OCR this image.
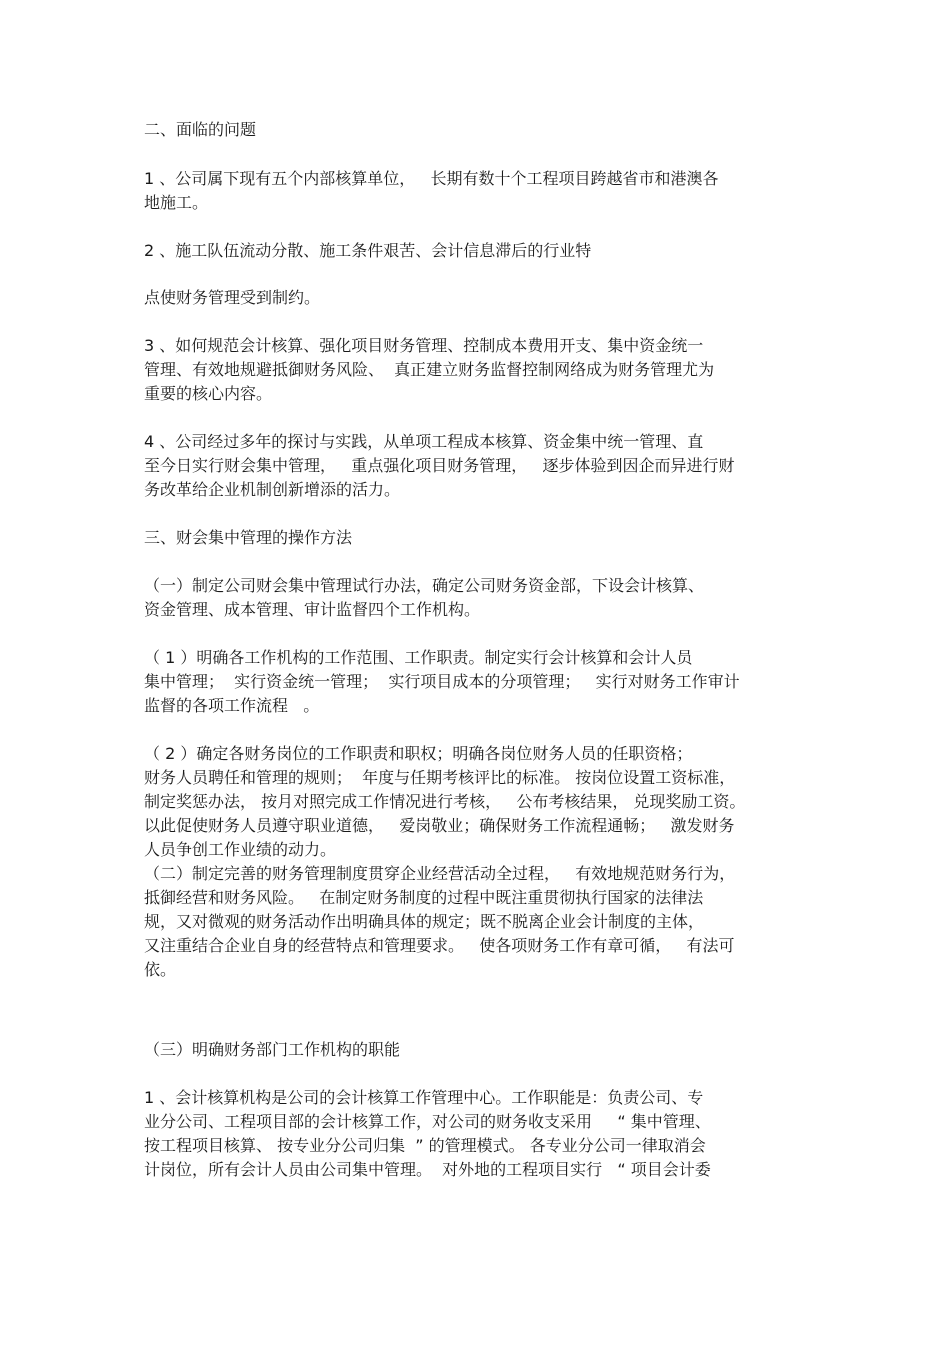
二、面临的问题
1 、公司属下现有五个内部核算单位，   长期有数十个工程项目跨越省市和港澳各
地施工。
2 、施工队伍流动分散、施工条件艰苦、会计信息滞后的行业特
点使财务管理受到制约。
3 、如何规范会计核算、强化项目财务管理、控制成本费用开支、集中资金统一
管理、有效地规避抵御财务风险、  真正建立财务监督控制网络成为财务管理尤为
重要的核心内容。
4 、公司经过多年的探讨与实践，从单项工程成本核算、资金集中统一管理、直
至今日实行财会集中管理，   重点强化项目财务管理，   逐步体验到因企而异进行财
务改革给企业机制创新增添的活力。
三、财会集中管理的操作方法
（一）制定公司财会集中管理试行办法，确定公司财务资金部，下设会计核算、
资金管理、成本管理、审计监督四个工作机构。
（ 1 ）明确各工作机构的工作范围、工作职责。制定实行会计核算和会计人员
集中管理；  实行资金统一管理；  实行项目成本的分项管理；   实行对财务工作审计
监督的各项工作流程   。
（ 2 ）确定各财务岗位的工作职责和职权；明确各岗位财务人员的任职资格；
财务人员聘任和管理的规则；  年度与任期考核评比的标准。 按岗位设置工资标准，
制定奖惩办法， 按月对照完成工作情况进行考核，   公布考核结果， 兑现奖励工资。
以此促使财务人员遵守职业道德，   爱岗敬业；确保财务工作流程通畅；   激发财务
人员争创工作业绩的动力。
（二）制定完善的财务管理制度贯穿企业经营活动全过程，   有效地规范财务行为，
抵御经营和财务风险。   在制定财务制度的过程中既注重贯彻执行国家的法律法
规，又对微观的财务活动作出明确具体的规定；既不脱离企业会计制度的主体，
又注重结合企业自身的经营特点和管理要求。   使各项财务工作有章可循，   有法可
依。
（三）明确财务部门工作机构的职能
1 、会计核算机构是公司的会计核算工作管理中心。工作职能是：负责公司、专
业分公司、工程项目部的会计核算工作，对公司的财务收支采用     “ 集中管理、
按工程项目核算、 按专业分公司归集  ” 的管理模式。 各专业分公司一律取消会
计岗位，所有会计人员由公司集中管理。  对外地的工程项目实行   “ 项目会计委
